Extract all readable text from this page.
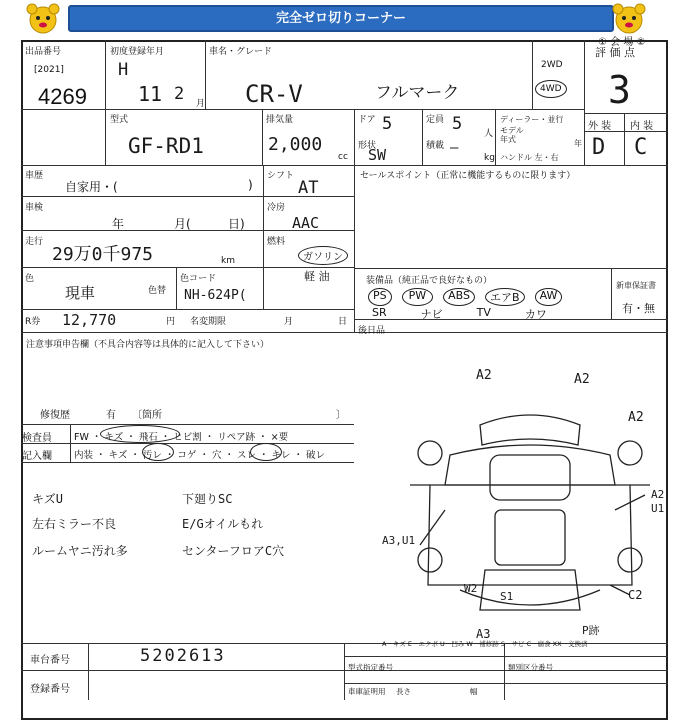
完全ゼロ切りコーナー
① 会 場 ②
出品番号
[2021]
4269
初度登録年月
H
11 2 月
車名・グレード
CR-V	フルマーク
2WD
4WD
評 価 点
3
外 装 内 装
D C
型式
GF-RD1
排気量
2,000
cc
ドア 5	定員 5 人
形状
SW	積載 —
kg
ディーラー・並行
モデル
年式	年
ハンドル 左・右
車歴
自家用・(	)
車検
年	月(	日)
走行
29万0千975	km
色
現車	色替
色コード
NH-624P(
シフト
AT
冷房
AAC
燃料
ガソリン
軽 油
R券 12,770	円 名変期限	月	日
注意事項申告欄（不具合内容等は具体的に記入して下さい）
修復歴	有 〔箇所	〕
検査員
記入欄
FW ・ キズ ・ 飛石 ・ ヒビ割 ・ リペア跡 ・ ×要
内装 ・ キズ ・ 汚レ ・ コゲ ・ 穴 ・ スレ ・ キレ ・ 破レ
セールスポイント（正常に機能するものに限ります）
装備品（純正品で良好なもの）
PS	PW	ABS	エアB	AW
SR	ナビ	TV	カワ
新車保証書
有・無
後日品
キズU
左右ミラー不良
ルームヤニ汚れ多
下廻りSC
E/Gオイルもれ
センターフロアC穴
A2	A2
A2
A2
U1
A3,U1
C2
W2
S1
A3	P跡
A－キズ E－エクボ U－凹み W－補修跡 S－サビ C－腐食 XX－交換済
車台番号	5202613
登録番号
型式指定番号	類別区分番号
車庫証明用 長さ	幅
